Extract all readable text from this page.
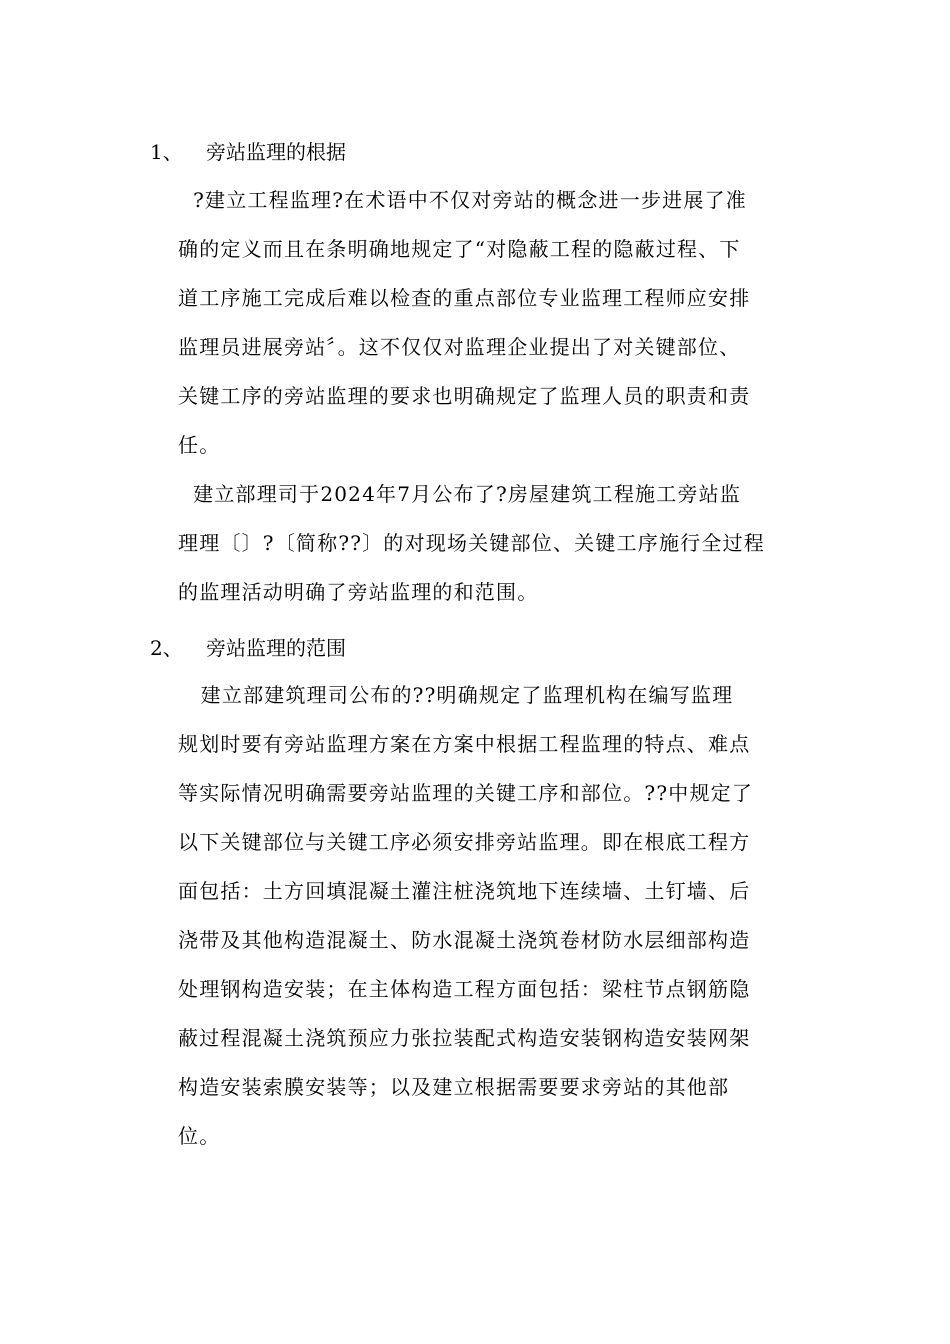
1、 旁站监理的根据
?建立工程监理?在术语中不仅对旁站的概念进一步进展了准
确的定义而且在条明确地规定了“对隐蔽工程的隐蔽过程、下
道工序施工完成后难以检查的重点部位专业监理工程师应安排
监理员进展旁站〞。这不仅仅对监理企业提出了对关键部位、
关键工序的旁站监理的要求也明确规定了监理人员的职责和责
任。
建立部理司于2024年7月公布了?房屋建筑工程施工旁站监
理理〔〕?〔简称??〕的对现场关键部位、关键工序施行全过程
的监理活动明确了旁站监理的和范围。
2、 旁站监理的范围
建立部建筑理司公布的??明确规定了监理机构在编写监理
规划时要有旁站监理方案在方案中根据工程监理的特点、难点
等实际情况明确需要旁站监理的关键工序和部位。??中规定了
以下关键部位与关键工序必须安排旁站监理。即在根底工程方
面包括：土方回填混凝土灌注桩浇筑地下连续墙、土钉墙、后
浇带及其他构造混凝土、防水混凝土浇筑卷材防水层细部构造
处理钢构造安装；在主体构造工程方面包括：梁柱节点钢筋隐
蔽过程混凝土浇筑预应力张拉装配式构造安装钢构造安装网架
构造安装索膜安装等；以及建立根据需要要求旁站的其他部
位。
